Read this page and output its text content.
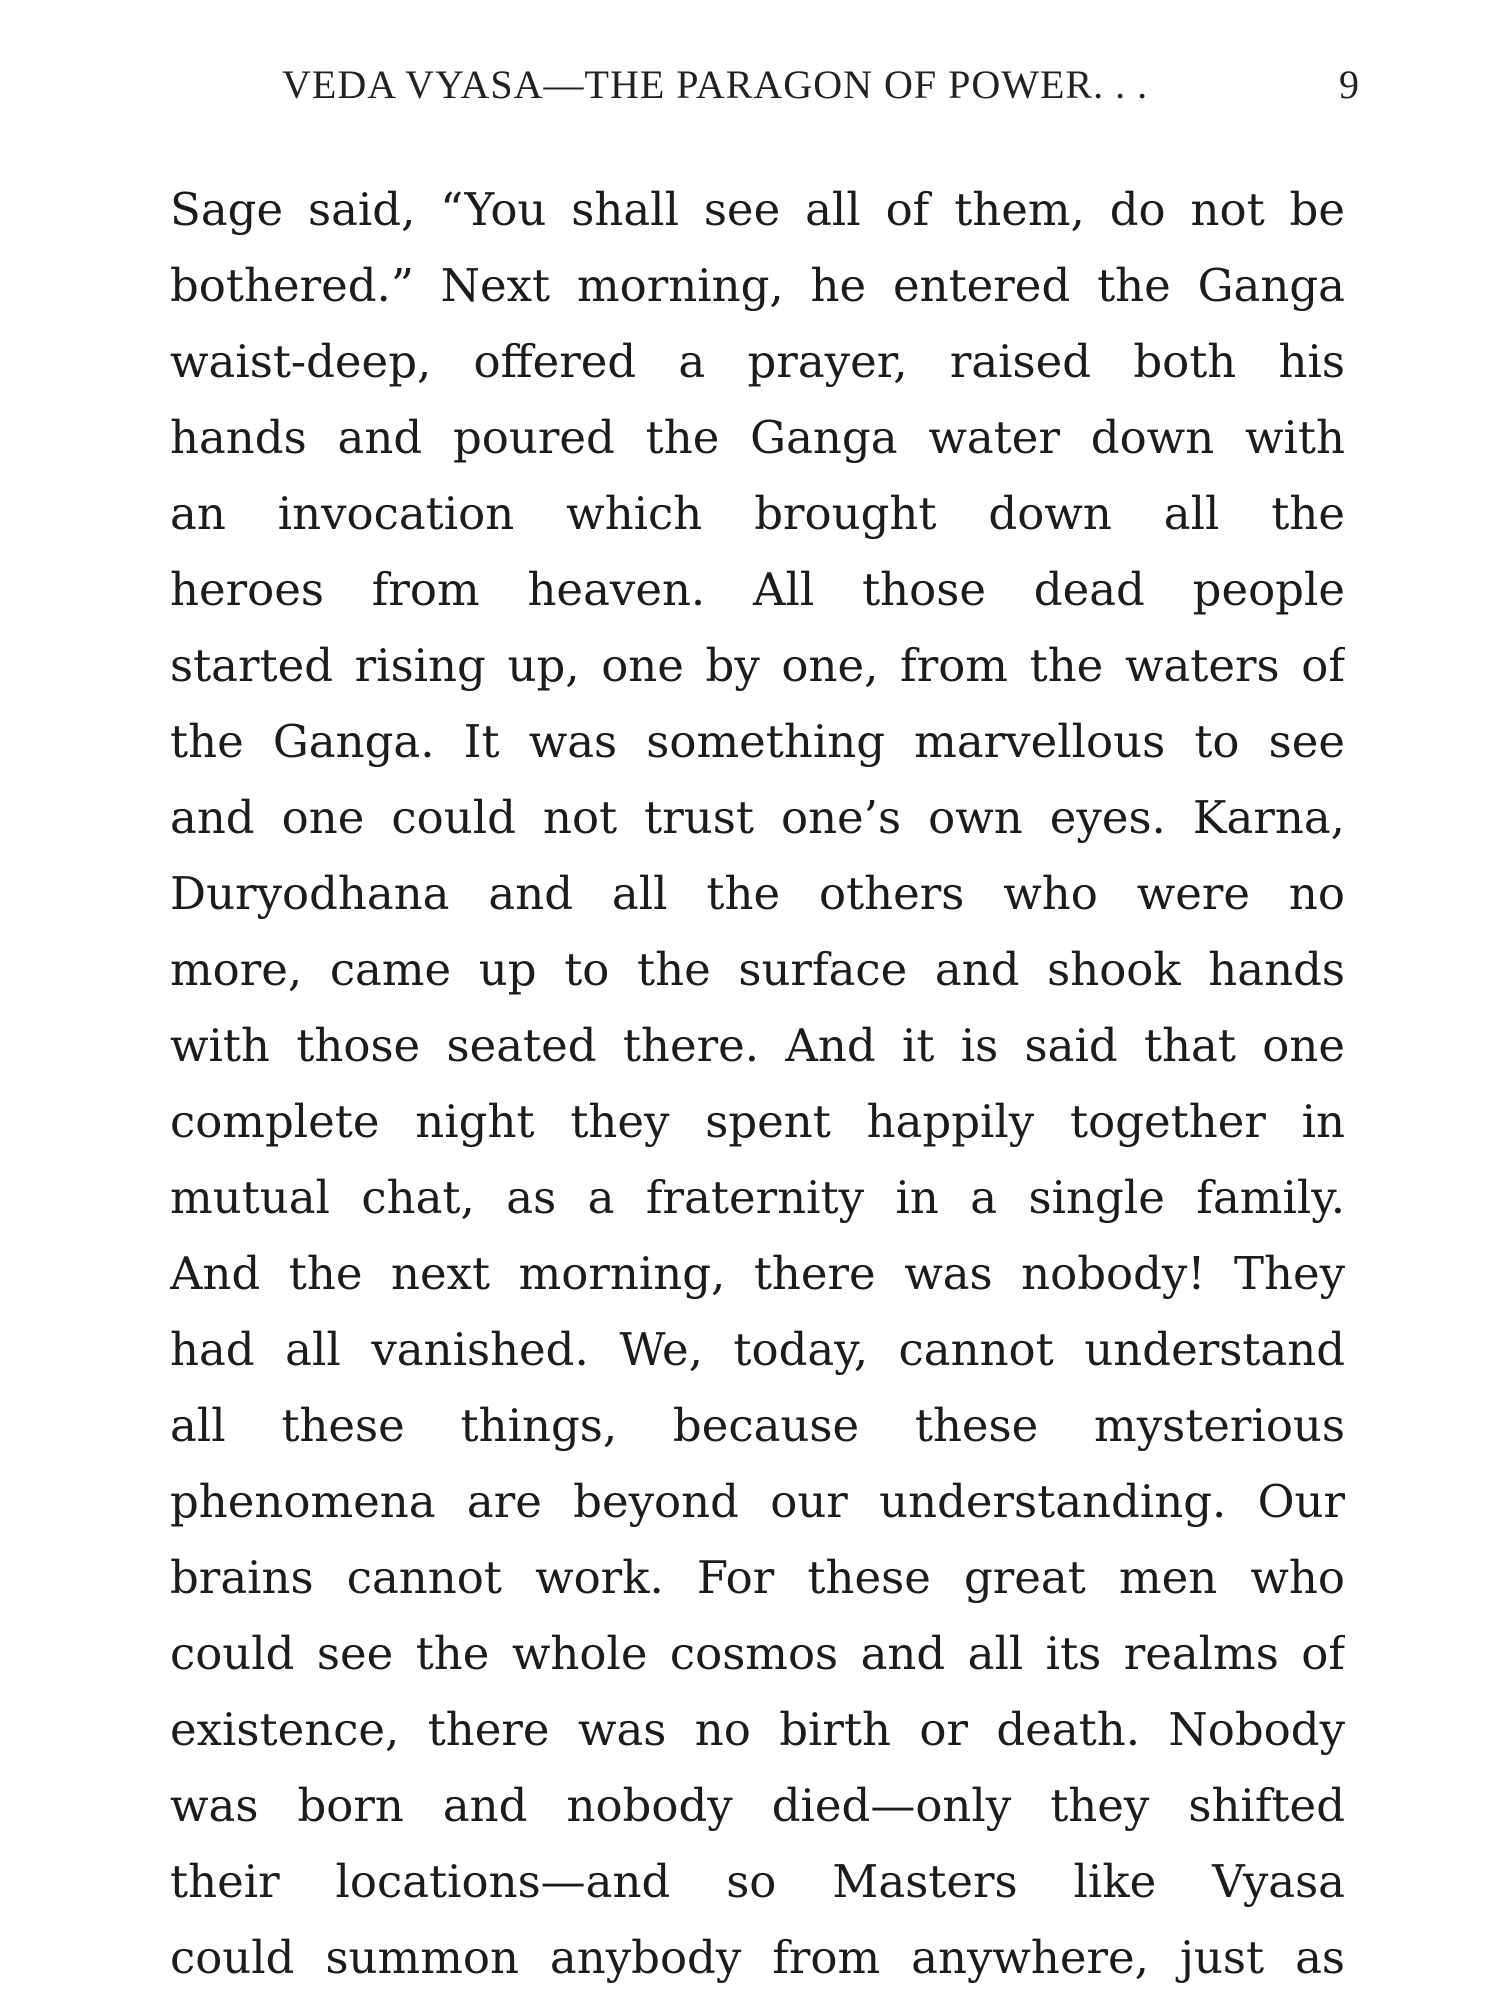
VEDA VYASA—THE PARAGON OF POWER. . .	9
Sage said, “You shall see all of them, do not be
bothered.” Next morning, he entered the Ganga
waist-deep, offered a prayer, raised both his
hands and poured the Ganga water down with
an invocation which brought down all the
heroes from heaven. All those dead people
started rising up, one by one, from the waters of
the Ganga. It was something marvellous to see
and one could not trust one’s own eyes. Karna,
Duryodhana and all the others who were no
more, came up to the surface and shook hands
with those seated there. And it is said that one
complete night they spent happily together in
mutual chat, as a fraternity in a single family.
And the next morning, there was nobody! They
had all vanished. We, today, cannot understand
all these things, because these mysterious
phenomena are beyond our understanding. Our
brains cannot work. For these great men who
could see the whole cosmos and all its realms of
existence, there was no birth or death. Nobody
was born and nobody died—only they shifted
their locations—and so Masters like Vyasa
could summon anybody from anywhere, just as
